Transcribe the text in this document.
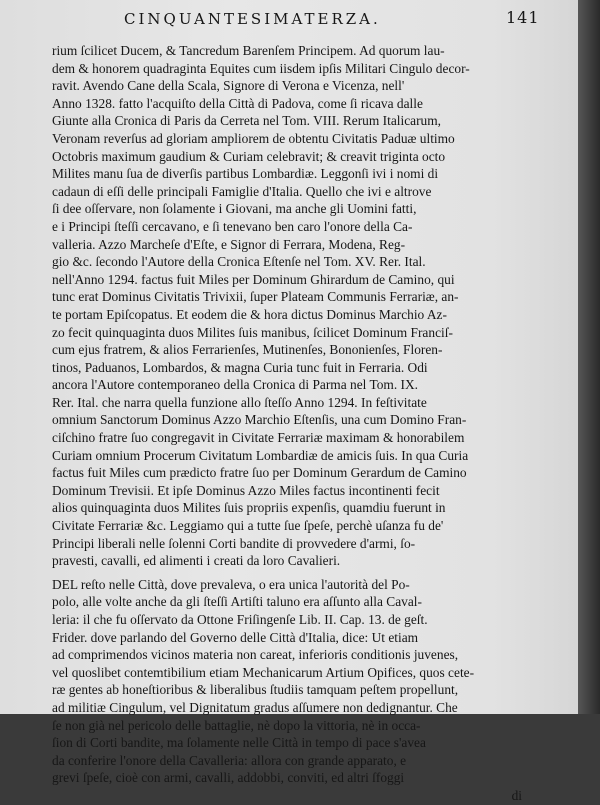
CINQUANTESIMATERZA.	141
rium ſcilicet Ducem, & Tancredum Barenſem Principem. Ad quorum lau-
dem & honorem quadraginta Equites cum iisdem ipſis Militari Cingulo decor-
ravit. Avendo Cane della Scala, Signore di Verona e Vicenza, nell'
Anno 1328. fatto l'acquiſto della Città di Padova, come ſi ricava dalle
Giunte alla Cronica di Paris da Cerreta nel Tom. VIII. Rerum Italicarum,
Veronam reverſus ad gloriam ampliorem de obtentu Civitatis Paduæ ultimo
Octobris maximum gaudium & Curiam celebravit; & creavit triginta octo
Milites manu ſua de diverſis partibus Lombardiæ. Leggonſi ivi i nomi di
cadaun di eſſi delle principali Famiglie d'Italia. Quello che ivi e altrove
ſi dee oſſervare, non ſolamente i Giovani, ma anche gli Uomini fatti,
e i Principi ſteſſi cercavano, e ſi tenevano ben caro l'onore della Ca-
valleria. Azzo Marcheſe d'Eſte, e Signor di Ferrara, Modena, Reg-
gio &c. ſecondo l'Autore della Cronica Eſtenſe nel Tom. XV. Rer. Ital.
nell'Anno 1294. factus fuit Miles per Dominum Ghirardum de Camino, qui
tunc erat Dominus Civitatis Trivixii, ſuper Plateam Communis Ferrariæ, an-
te portam Epiſcopatus. Et eodem die & hora dictus Dominus Marchio Az-
zo fecit quinquaginta duos Milites ſuis manibus, ſcilicet Dominum Franciſ-
cum ejus fratrem, & alios Ferrarienſes, Mutinenſes, Bononienſes, Floren-
tinos, Paduanos, Lombardos, & magna Curia tunc fuit in Ferraria. Odi
ancora l'Autore contemporaneo della Cronica di Parma nel Tom. IX.
Rer. Ital. che narra quella funzione allo ſteſſo Anno 1294. In feſtivitate
omnium Sanctorum Dominus Azzo Marchio Eſtenſis, una cum Domino Fran-
ciſchino fratre ſuo congregavit in Civitate Ferrariæ maximam & honorabilem
Curiam omnium Procerum Civitatum Lombardiæ de amicis ſuis. In qua Curia
factus fuit Miles cum prædicto fratre ſuo per Dominum Gerardum de Camino
Dominum Trevisii. Et ipſe Dominus Azzo Miles factus incontinenti fecit
alios quinquaginta duos Milites ſuis propriis expenſis, quamdiu fuerunt in
Civitate Ferrariæ &c. Leggiamo qui a tutte ſue ſpeſe, perchè uſanza fu de'
Principi liberali nelle ſolenni Corti bandite di provvedere d'armi, ſo-
pravesti, cavalli, ed alimenti i creati da loro Cavalieri.
DEL reſto nelle Città, dove prevaleva, o era unica l'autorità del Po-
polo, alle volte anche da gli ſteſſi Artiſti taluno era aſſunto alla Caval-
leria: il che fu oſſervato da Ottone Friſingenſe Lib. II. Cap. 13. de geſt.
Frider. dove parlando del Governo delle Città d'Italia, dice: Ut etiam
ad comprimendos vicinos materia non careat, inferioris conditionis juvenes,
vel quoslibet contemtibilium etiam Mechanicarum Artium Opifices, quos cete-
ræ gentes ab honeſtioribus & liberalibus ſtudiis tamquam peſtem propellunt,
ad militiæ Cingulum, vel Dignitatum gradus aſſumere non dedignantur. Che
ſe non già nel pericolo delle battaglie, nè dopo la vittoria, nè in occa-
ſion di Corti bandite, ma ſolamente nelle Città in tempo di pace s'avea
da conferire l'onore della Cavalleria: allora con grande apparato, e
grevi ſpeſe, cioè con armi, cavalli, addobbi, conviti, ed altri ſfoggi
di
